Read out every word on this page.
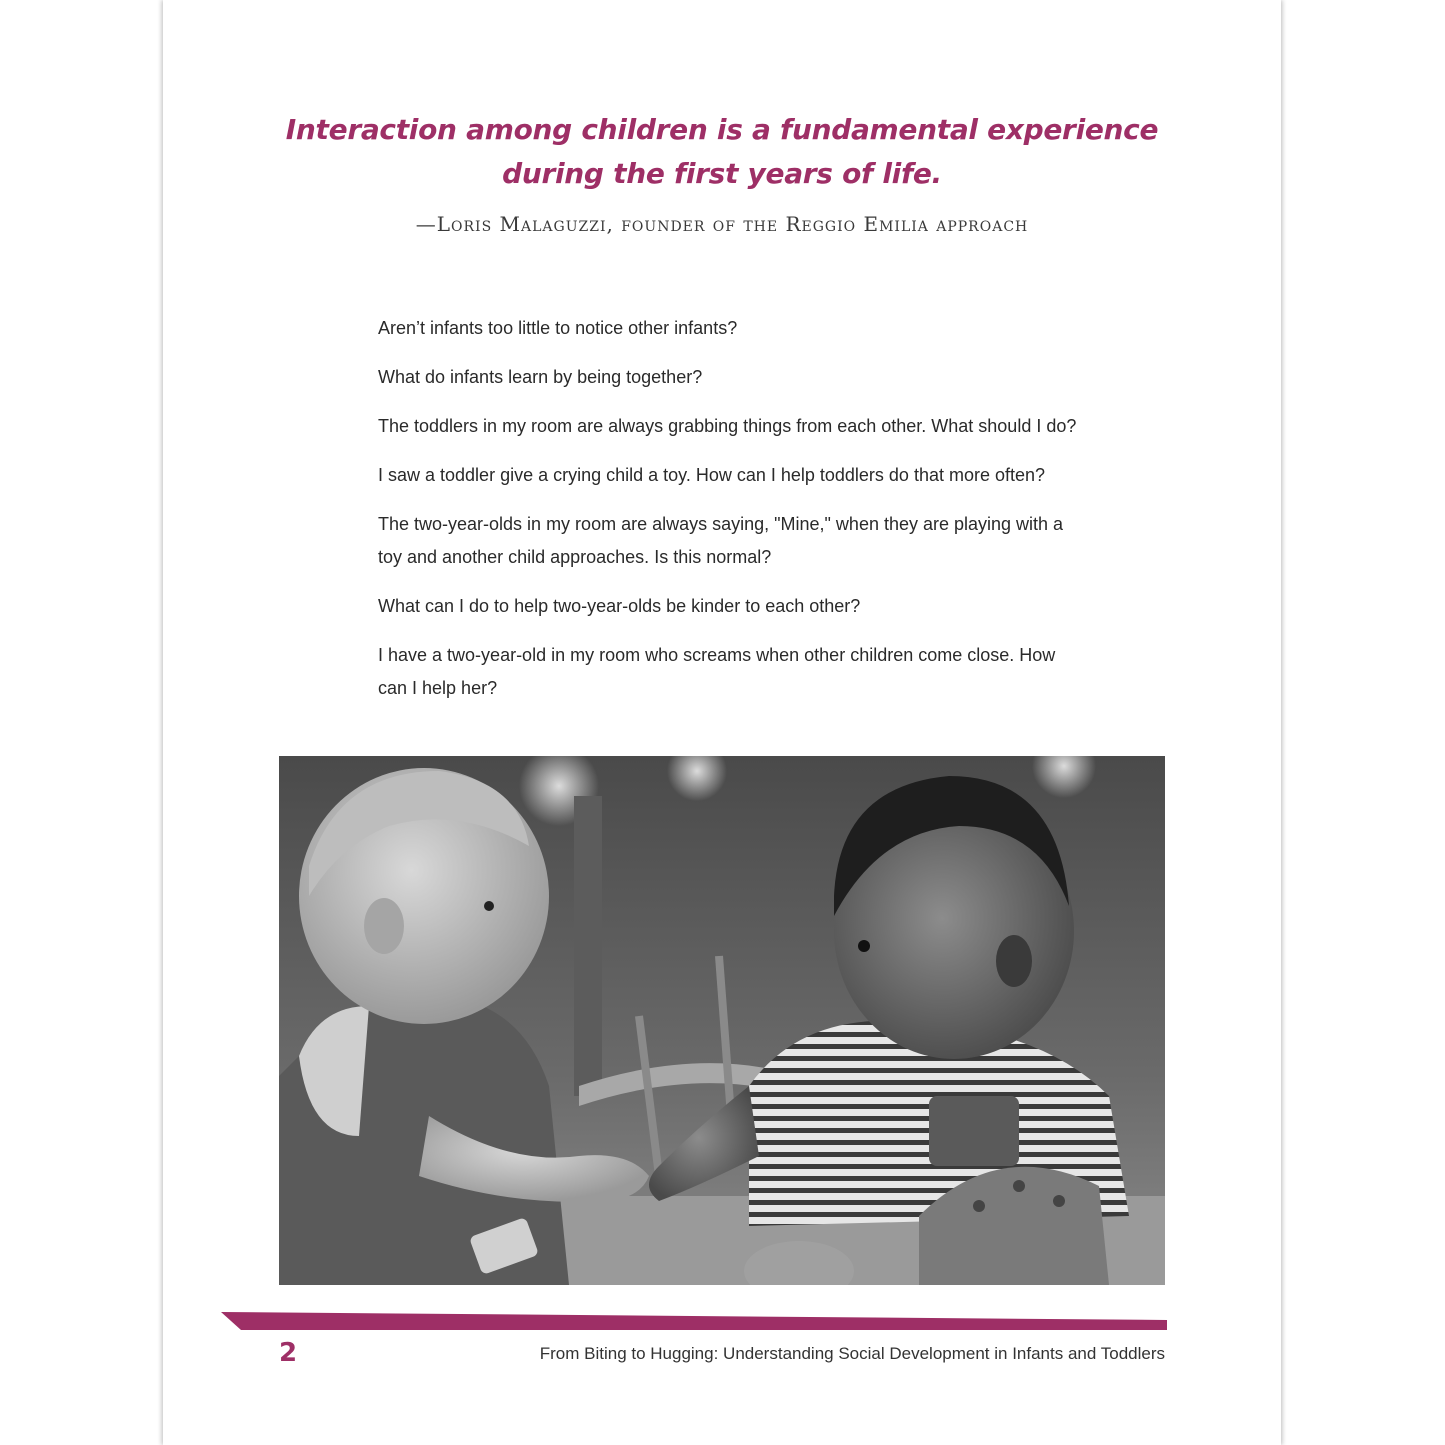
Interaction among children is a fundamental experience
during the first years of life.
—Loris Malaguzzi, founder of the Reggio Emilia approach

Aren’t infants too little to notice other infants?

What do infants learn by being together?

The toddlers in my room are always grabbing things from each other. What should I do?

I saw a toddler give a crying child a toy. How can I help toddlers do that more often?

The two-year-olds in my room are always saying, "Mine," when they are playing with a toy and another child approaches. Is this normal?

What can I do to help two-year-olds be kinder to each other?

I have a two-year-old in my room who screams when other children come close. How can I help her?

2	From Biting to Hugging: Understanding Social Development in Infants and Toddlers
